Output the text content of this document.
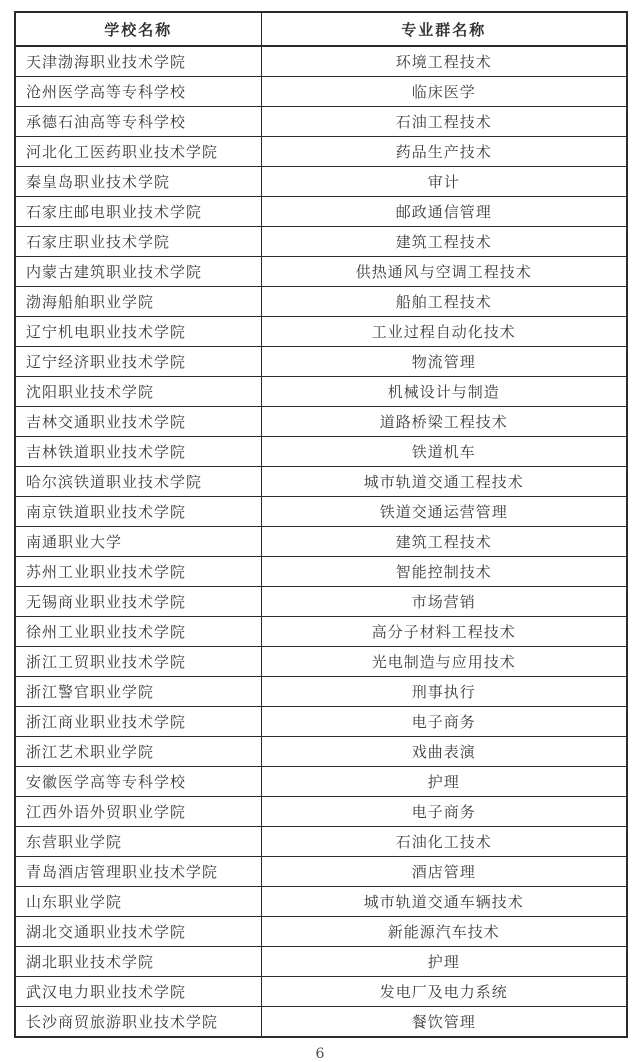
学校名称	专业群名称
天津渤海职业技术学院	环境工程技术
沧州医学高等专科学校	临床医学
承德石油高等专科学校	石油工程技术
河北化工医药职业技术学院	药品生产技术
秦皇岛职业技术学院	审计
石家庄邮电职业技术学院	邮政通信管理
石家庄职业技术学院	建筑工程技术
内蒙古建筑职业技术学院	供热通风与空调工程技术
渤海船舶职业学院	船舶工程技术
辽宁机电职业技术学院	工业过程自动化技术
辽宁经济职业技术学院	物流管理
沈阳职业技术学院	机械设计与制造
吉林交通职业技术学院	道路桥梁工程技术
吉林铁道职业技术学院	铁道机车
哈尔滨铁道职业技术学院	城市轨道交通工程技术
南京铁道职业技术学院	铁道交通运营管理
南通职业大学	建筑工程技术
苏州工业职业技术学院	智能控制技术
无锡商业职业技术学院	市场营销
徐州工业职业技术学院	高分子材料工程技术
浙江工贸职业技术学院	光电制造与应用技术
浙江警官职业学院	刑事执行
浙江商业职业技术学院	电子商务
浙江艺术职业学院	戏曲表演
安徽医学高等专科学校	护理
江西外语外贸职业学院	电子商务
东营职业学院	石油化工技术
青岛酒店管理职业技术学院	酒店管理
山东职业学院	城市轨道交通车辆技术
湖北交通职业技术学院	新能源汽车技术
湖北职业技术学院	护理
武汉电力职业技术学院	发电厂及电力系统
长沙商贸旅游职业技术学院	餐饮管理
6
